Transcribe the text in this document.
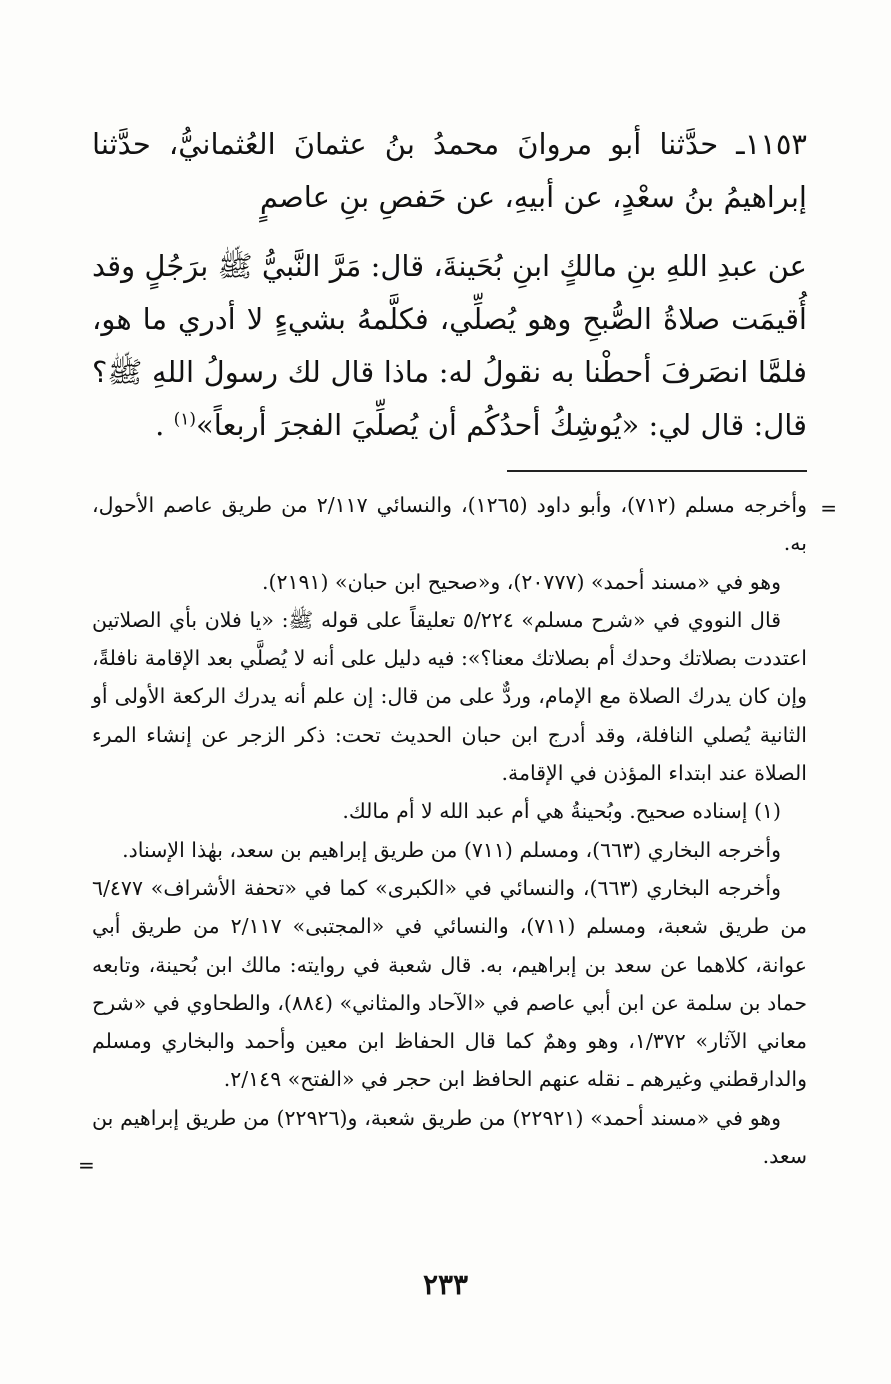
١١٥٣ـ حدَّثنا أبو مروانَ محمدُ بنُ عثمانَ العُثمانيُّ، حدَّثنا إبراهيمُ بنُ سعْدٍ، عن أبيهِ، عن حَفصِ بنِ عاصمٍ

عن عبدِ اللهِ بنِ مالكٍ ابنِ بُحَينةَ، قال: مَرَّ النَّبيُّ ﷺ برَجُلٍ وقد أُقيمَت صلاةُ الصُّبحِ وهو يُصلِّي، فكلَّمهُ بشيءٍ لا أدري ما هو، فلمَّا انصَرفَ أحطْنا به نقولُ له: ماذا قال لك رسولُ اللهِ ﷺ؟ قال: قال لي: «يُوشِكُ أحدُكُم أن يُصلِّيَ الفجرَ أربعاً»$^{(١)}$ .

=

وأخرجه مسلم (٧١٢)، وأبو داود (١٢٦٥)، والنسائي ٢/١١٧ من طريق عاصم الأحول، به.

وهو في «مسند أحمد» (٢٠٧٧٧)، و«صحيح ابن حبان» (٢١٩١).

قال النووي في «شرح مسلم» ٥/٢٢٤ تعليقاً على قوله ﷺ: «يا فلان بأي الصلاتين اعتددت بصلاتك وحدك أم بصلاتك معنا؟»: فيه دليل على أنه لا يُصلَّي بعد الإقامة نافلةً، وإن كان يدرك الصلاة مع الإمام، وردٌّ على من قال: إن علم أنه يدرك الركعة الأولى أو الثانية يُصلي النافلة، وقد أدرج ابن حبان الحديث تحت: ذكر الزجر عن إنشاء المرء الصلاة عند ابتداء المؤذن في الإقامة.

(١) إسناده صحيح. وبُحينةُ هي أم عبد الله لا أم مالك.

وأخرجه البخاري (٦٦٣)، ومسلم (٧١١) من طريق إبراهيم بن سعد، بهٰذا الإسناد.

وأخرجه البخاري (٦٦٣)، والنسائي في «الكبرى» كما في «تحفة الأشراف» ٦/٤٧٧ من طريق شعبة، ومسلم (٧١١)، والنسائي في «المجتبى» ٢/١١٧ من طريق أبي عوانة، كلاهما عن سعد بن إبراهيم، به. قال شعبة في روايته: مالك ابن بُحينة، وتابعه حماد بن سلمة عن ابن أبي عاصم في «الآحاد والمثاني» (٨٨٤)، والطحاوي في «شرح معاني الآثار» ١/٣٧٢، وهو وهمٌ كما قال الحفاظ ابن معين وأحمد والبخاري ومسلم والدارقطني وغيرهم ـ نقله عنهم الحافظ ابن حجر في «الفتح» ٢/١٤٩.

وهو في «مسند أحمد» (٢٢٩٢١) من طريق شعبة، و(٢٢٩٢٦) من طريق إبراهيم بن سعد.

=
٢٣٣
